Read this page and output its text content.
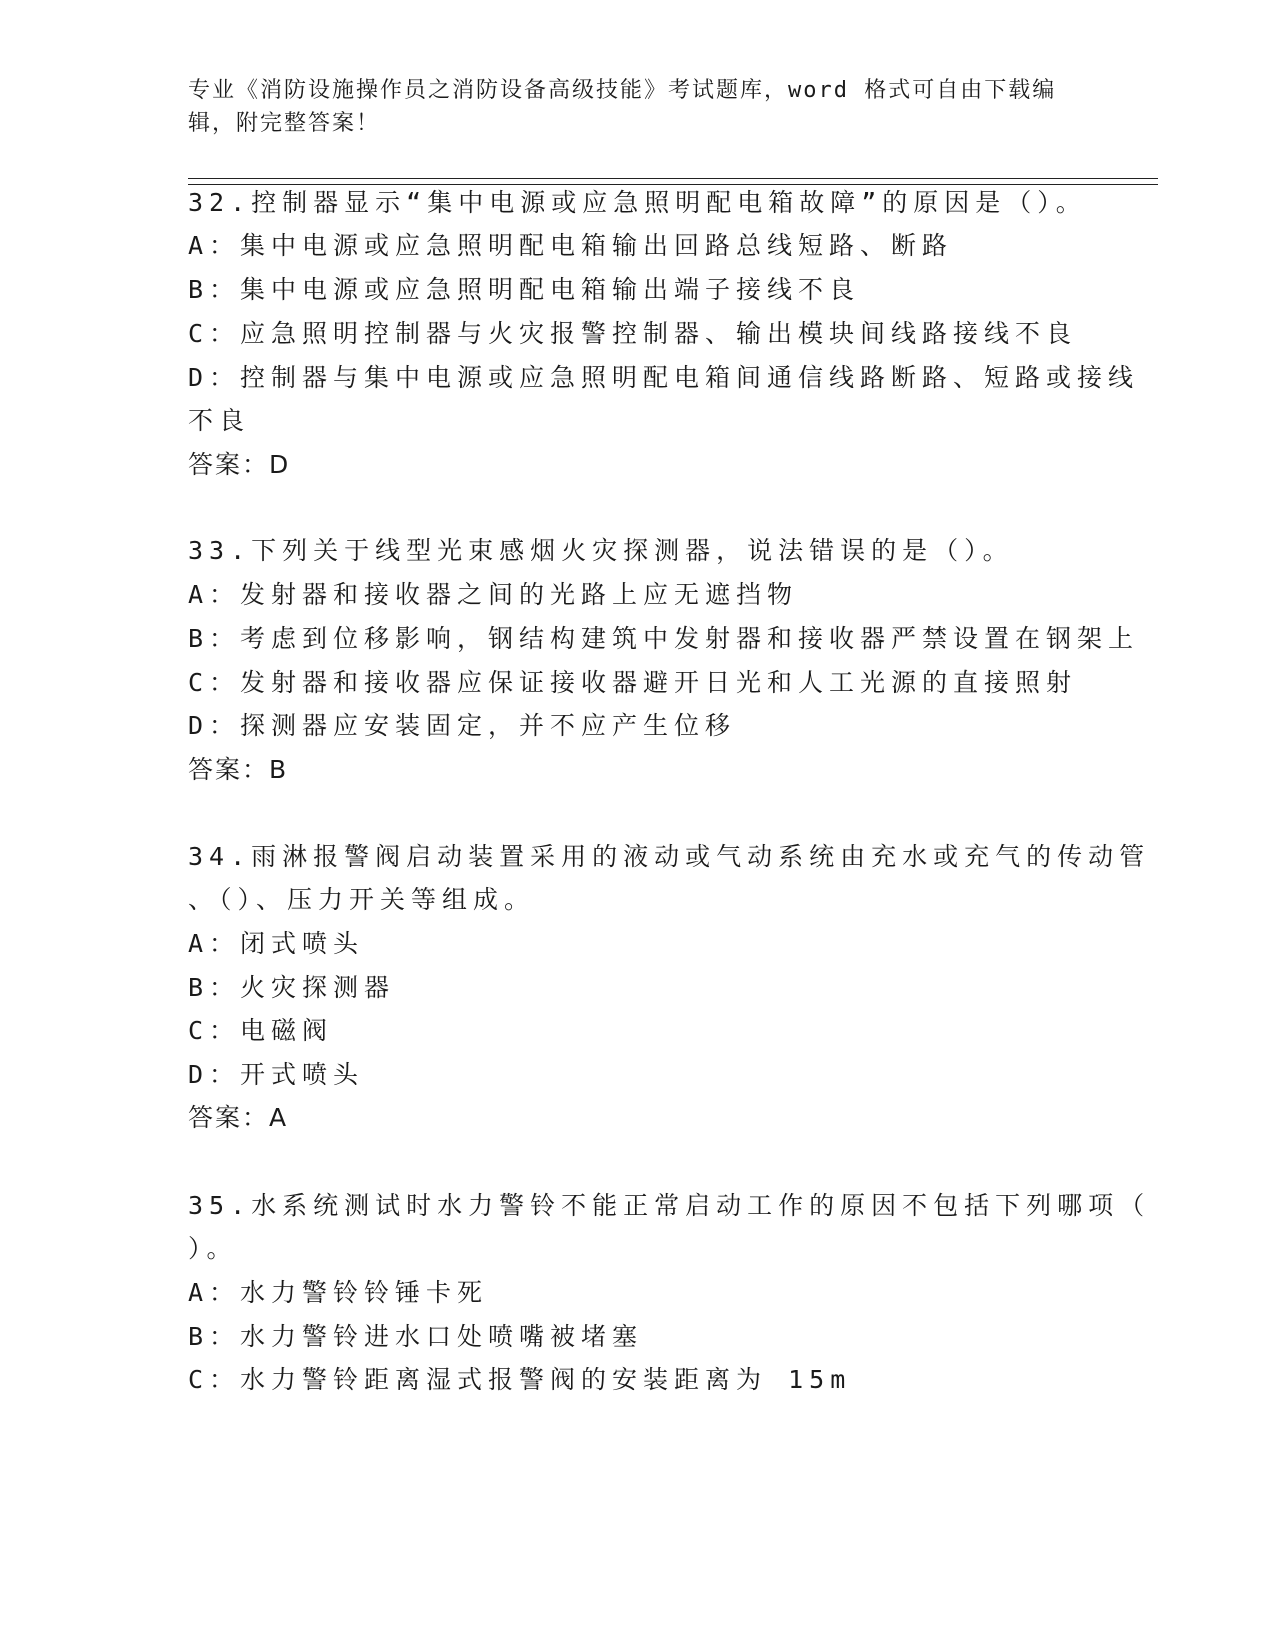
专业《消防设施操作员之消防设备高级技能》考试题库，word 格式可自由下载编辑，附完整答案！
32.控制器显示“集中电源或应急照明配电箱故障”的原因是（）。
A：集中电源或应急照明配电箱输出回路总线短路、断路
B：集中电源或应急照明配电箱输出端子接线不良
C：应急照明控制器与火灾报警控制器、输出模块间线路接线不良
D：控制器与集中电源或应急照明配电箱间通信线路断路、短路或接线
不良
答案：D
33.下列关于线型光束感烟火灾探测器，说法错误的是（）。
A：发射器和接收器之间的光路上应无遮挡物
B：考虑到位移影响，钢结构建筑中发射器和接收器严禁设置在钢架上
C：发射器和接收器应保证接收器避开日光和人工光源的直接照射
D：探测器应安装固定，并不应产生位移
答案：B
34.雨淋报警阀启动装置采用的液动或气动系统由充水或充气的传动管
、（）、压力开关等组成。
A：闭式喷头
B：火灾探测器
C：电磁阀
D：开式喷头
答案：A
35.水系统测试时水力警铃不能正常启动工作的原因不包括下列哪项（
）。
A：水力警铃铃锤卡死
B：水力警铃进水口处喷嘴被堵塞
C：水力警铃距离湿式报警阀的安装距离为 15m
